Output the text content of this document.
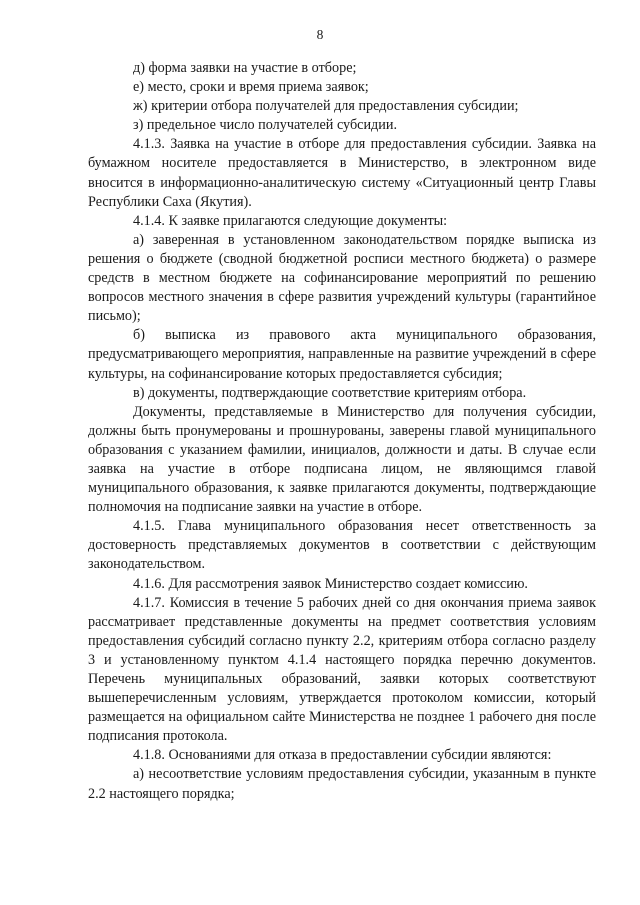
8

д) форма заявки на участие в отборе;

е) место, сроки и время приема заявок;

ж) критерии отбора получателей для предоставления субсидии;

з) предельное число получателей субсидии.

4.1.3. Заявка на участие в отборе для предоставления субсидии. Заявка на бумажном носителе предоставляется в Министерство, в электронном виде вносится в информационно-аналитическую систему «Ситуационный центр Главы Республики Саха (Якутия).

4.1.4. К заявке прилагаются следующие документы:

а) заверенная в установленном законодательством порядке выписка из решения о бюджете (сводной бюджетной росписи местного бюджета) о размере средств в местном бюджете на софинансирование мероприятий по решению вопросов местного значения в сфере развития учреждений культуры (гарантийное письмо);

б) выписка из правового акта муниципального образования, предусматривающего мероприятия, направленные на развитие учреждений в сфере культуры, на софинансирование которых предоставляется субсидия;

в) документы, подтверждающие соответствие критериям отбора.

Документы, представляемые в Министерство для получения субсидии, должны быть пронумерованы и прошнурованы, заверены главой муниципального образования с указанием фамилии, инициалов, должности и даты. В случае если заявка на участие в отборе подписана лицом, не являющимся главой муниципального образования, к заявке прилагаются документы, подтверждающие полномочия на подписание заявки на участие в отборе.

4.1.5. Глава муниципального образования несет ответственность за достоверность представляемых документов в соответствии с действующим законодательством.

4.1.6. Для рассмотрения заявок Министерство создает комиссию.

4.1.7. Комиссия в течение 5 рабочих дней со дня окончания приема заявок рассматривает представленные документы на предмет соответствия условиям предоставления субсидий согласно пункту 2.2, критериям отбора согласно разделу 3 и установленному пунктом 4.1.4 настоящего порядка перечню документов. Перечень муниципальных образований, заявки которых соответствуют вышеперечисленным условиям, утверждается протоколом комиссии, который размещается на официальном сайте Министерства не позднее 1 рабочего дня после подписания протокола.

4.1.8. Основаниями для отказа в предоставлении субсидии являются:

а) несоответствие условиям предоставления субсидии, указанным в пункте 2.2 настоящего порядка;
